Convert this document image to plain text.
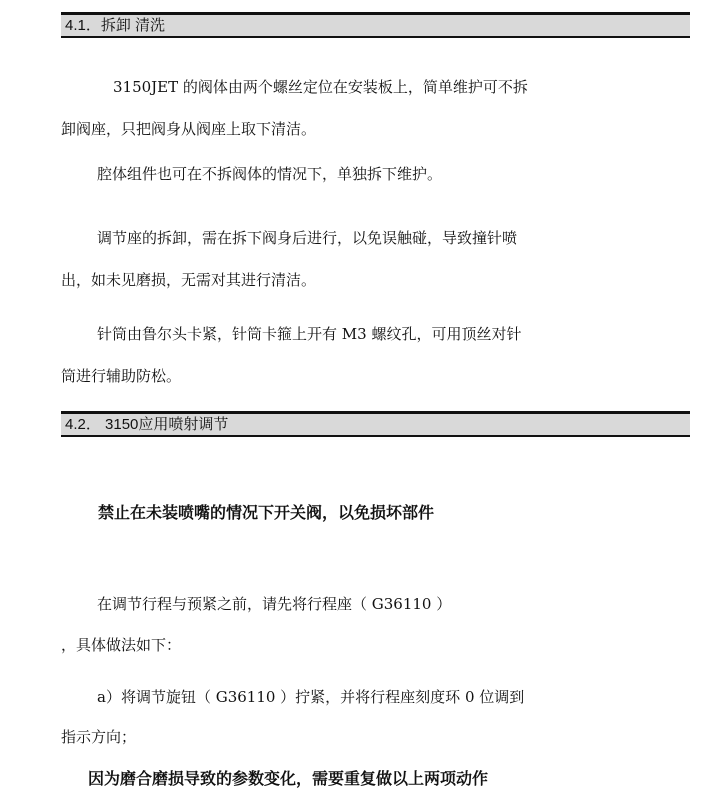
4.1．拆卸 清洗

3150JET 的阀体由两个螺丝定位在安装板上，简单维护可不拆

卸阀座，只把阀身从阀座上取下清洁。

腔体组件也可在不拆阀体的情况下，单独拆下维护。

调节座的拆卸，需在拆下阀身后进行，以免误触碰，导致撞针喷

出，如未见磨损，无需对其进行清洁。

针筒由鲁尔头卡紧，针筒卡箍上开有 M3 螺纹孔，可用顶丝对针

筒进行辅助防松。

4.2． 3150应用喷射调节
禁止在未装喷嘴的情况下开关阀，以免损坏部件

在调节行程与预紧之前，请先将行程座（ G36110 ）

，具体做法如下：

a）将调节旋钮（ G36110 ）拧紧，并将行程座刻度环 0 位调到

指示方向；

因为磨合磨损导致的参数变化，需要重复做以上两项动作
